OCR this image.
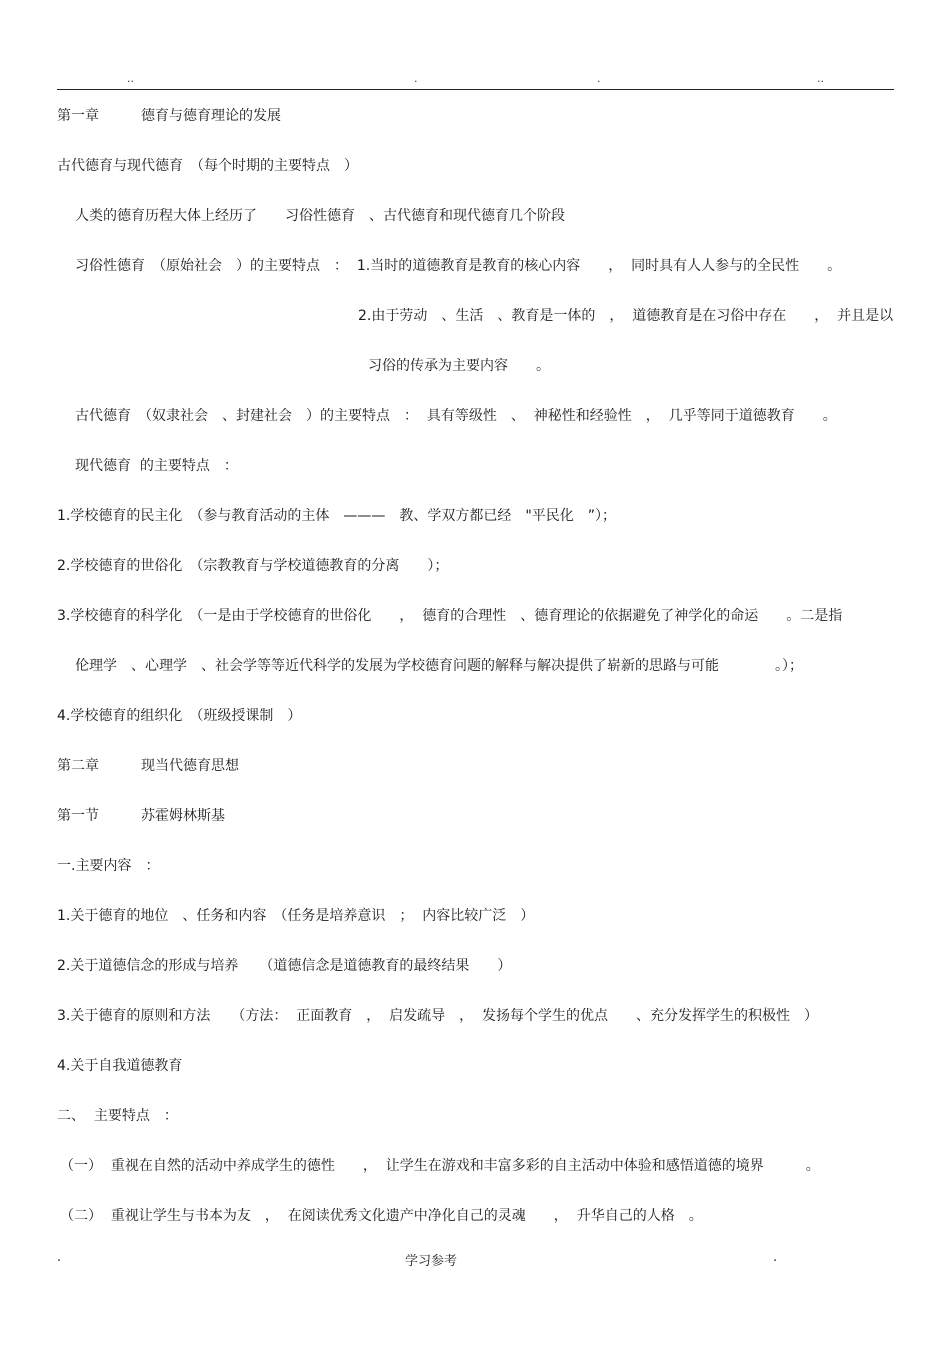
..	.	.	..
第一章　　　德育与德育理论的发展
古代德育与现代德育　（每个时期的主要特点　）
人类的德育历程大体上经历了　　习俗性德育　、古代德育和现代德育几个阶段
习俗性德育　（原始社会　）的主要特点　：  1.当时的道德教育是教育的核心内容　　，  同时具有人人参与的全民性　　。
2.由于劳动　、生活　、教育是一体的　，  道德教育是在习俗中存在　　，  并且是以
习俗的传承为主要内容　　。
古代德育　（奴隶社会　、封建社会　）的主要特点　：  具有等级性　、  神秘性和经验性　，  几乎等同于道德教育　　。
现代德育  的主要特点　：
1.学校德育的民主化　（参与教育活动的主体　———　教、学双方都已经　"平民化　”）；
2.学校德育的世俗化　（宗教教育与学校道德教育的分离　　）；
3.学校德育的科学化　（一是由于学校德育的世俗化　　，  德育的合理性　、德育理论的依据避免了神学化的命运　　。二是指
伦理学　、心理学　、社会学等等近代科学的发展为学校德育问题的解释与解决提供了崭新的思路与可能　　　　。）；
4.学校德育的组织化　（班级授课制　）
第二章　　　现当代德育思想
第一节　　　苏霍姆林斯基
一.主要内容　：
1.关于德育的地位　、任务和内容　（任务是培养意识　；  内容比较广泛　）
2.关于道德信念的形成与培养　　（道德信念是道德教育的最终结果　　）
3.关于德育的原则和方法　　（方法：  正面教育　，  启发疏导　，  发扬每个学生的优点　　、充分发挥学生的积极性　）
4.关于自我道德教育
二、  主要特点　：
（一）  重视在自然的活动中养成学生的德性　　，  让学生在游戏和丰富多彩的自主活动中体验和感悟道德的境界　　　。
（二）  重视让学生与书本为友　，  在阅读优秀文化遗产中净化自己的灵魂　　，  升华自己的人格　。
.	学习参考	.
